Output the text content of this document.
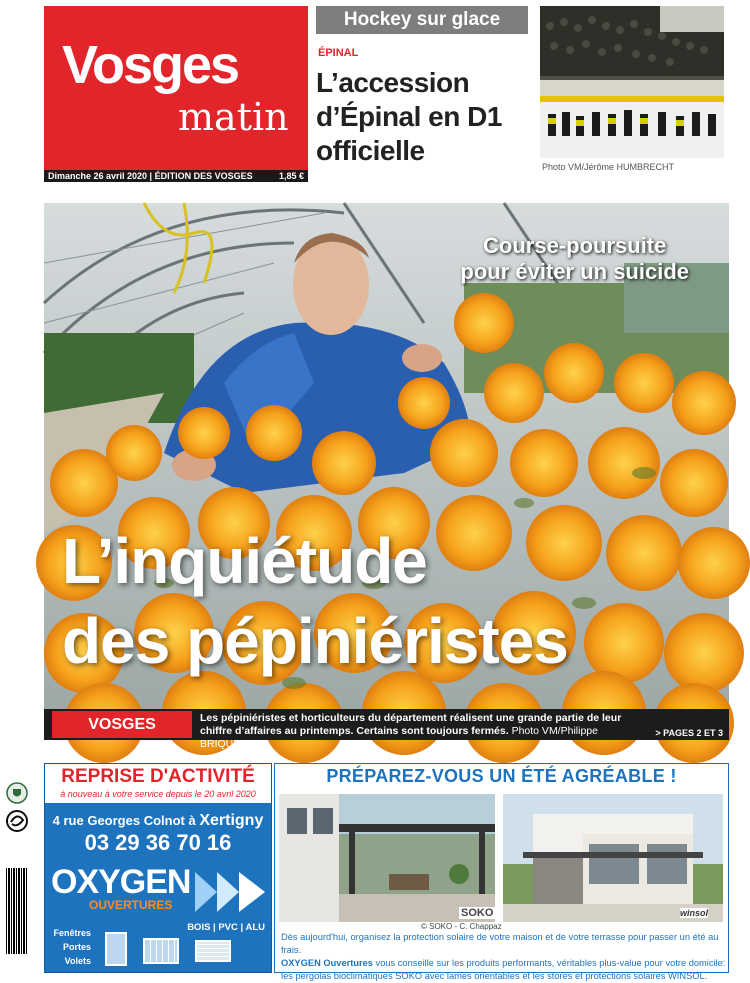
Vosges
matin
Dimanche 26 avril 2020 | ÉDITION DES VOSGES	1,85 €
Hockey sur glace
ÉPINAL
L’accession d’Épinal en D1 officielle
Photo VM/Jérôme HUMBRECHT
Course-poursuite
pour éviter un suicide
L’inquiétude
des pépiniéristes
VOSGES	Les pépiniéristes et horticulteurs du département réalisent une grande partie de leur chiffre d’affaires au printemps. Certains sont toujours fermés. Photo VM/Philippe BRIQUELEUR
> PAGES 2 ET 3
REPRISE D'ACTIVITÉ
à nouveau à votre service depuis le 20 avril 2020
4 rue Georges Colnot à Xertigny
03 29 36 70 16
OXYGEN
OUVERTURES
BOIS | PVC | ALU
Fenêtres
Portes
Volets
PRÉPAREZ-VOUS UN ÉTÉ AGRÉABLE !
SOKO	winsol
© SOKO - C. Chappaz
Dès aujourd'hui, organisez la protection solaire de votre maison et de votre terrasse pour passer un été au frais.
OXYGEN Ouvertures vous conseille sur les produits performants, véritables plus-value pour votre domicile:
les pergolas bioclimatiques SOKO avec lames orientables et les stores et protections solaires WINSOL.
